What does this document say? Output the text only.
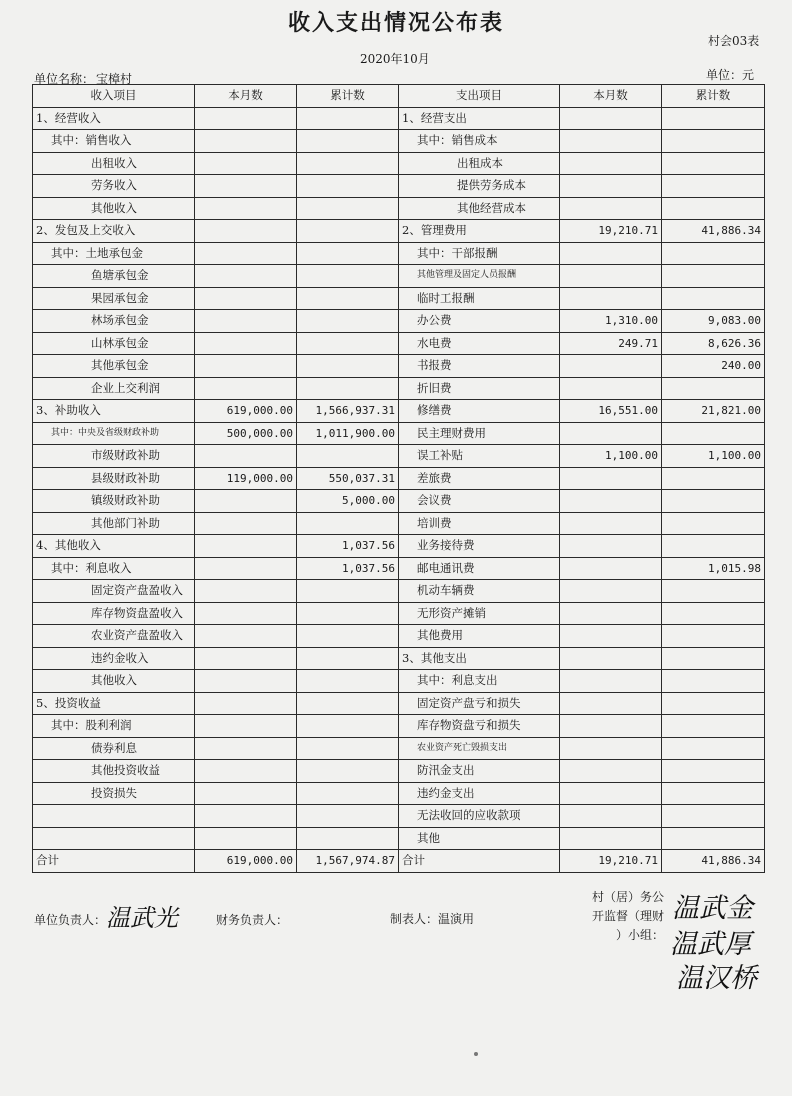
收入支出情况公布表
村会03表
2020年10月
单位名称： 宝樟村	单位：元
收入项目	本月数	累计数	支出项目	本月数	累计数
1、经营收入			1、经营支出		
其中：销售收入			其中：销售成本		
出租收入			出租成本		
劳务收入			提供劳务成本		
其他收入			其他经营成本		
2、发包及上交收入			2、管理费用	19,210.71	41,886.34
其中：土地承包金			其中：干部报酬		
鱼塘承包金			其他管理及固定人员报酬		
果园承包金			临时工报酬		
林场承包金			办公费	1,310.00	9,083.00
山林承包金			水电费	249.71	8,626.36
其他承包金			书报费		240.00
企业上交利润			折旧费		
3、补助收入	619,000.00	1,566,937.31	修缮费	16,551.00	21,821.00
其中：中央及省级财政补助	500,000.00	1,011,900.00	民主理财费用		
市级财政补助			误工补贴	1,100.00	1,100.00
县级财政补助	119,000.00	550,037.31	差旅费		
镇级财政补助		5,000.00	会议费		
其他部门补助			培训费		
4、其他收入		1,037.56	业务接待费		
其中：利息收入		1,037.56	邮电通讯费		1,015.98
固定资产盘盈收入			机动车辆费		
库存物资盘盈收入			无形资产摊销		
农业资产盘盈收入			其他费用		
违约金收入			3、其他支出		
其他收入			其中：利息支出		
5、投资收益			固定资产盘亏和损失		
其中：股利利润			库存物资盘亏和损失		
债券利息			农业资产死亡毁损支出		
其他投资收益			防汛金支出		
投资损失			违约金支出		
			无法收回的应收款项		
			其他		
合计	619,000.00	1,567,974.87	合计	19,210.71	41,886.34
单位负责人： 温武光	财务负责人：	制表人：温演用
村（居）务公
开监督（理财
）小组：
温武金
温武厚
温汉桥
